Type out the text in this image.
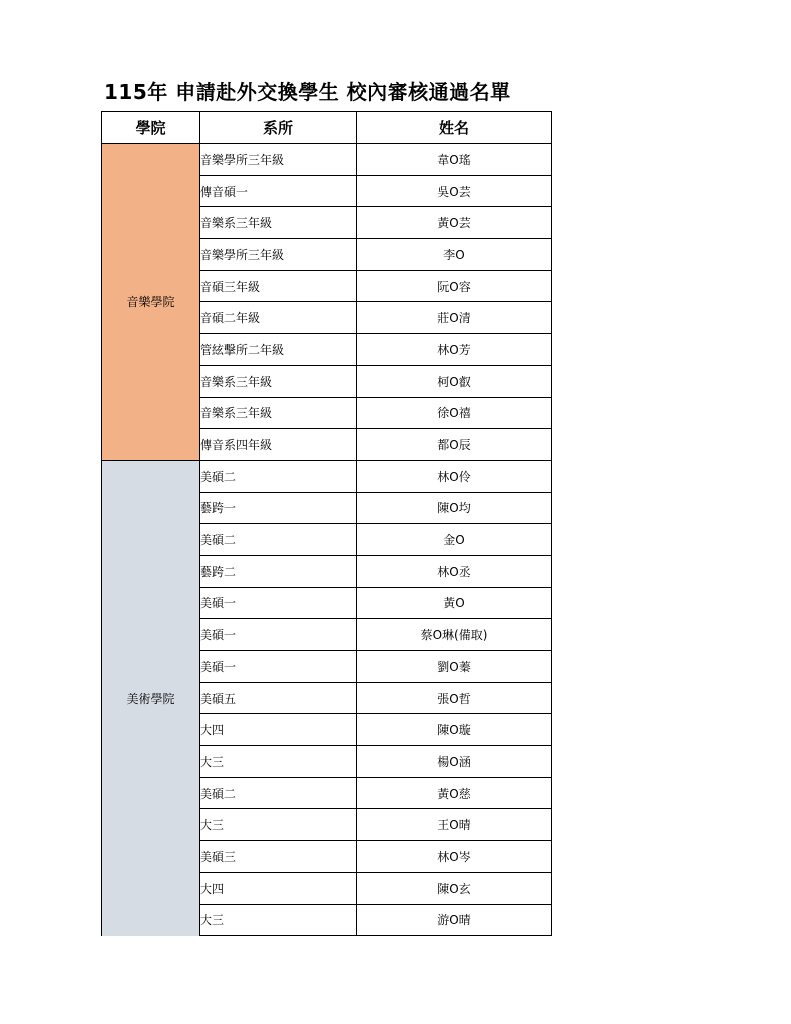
115年 申請赴外交換學生 校內審核通過名單
學院	系所	姓名
音樂學院	音樂學所三年級	韋O瑤
	傳音碩一	吳O芸
	音樂系三年級	黃O芸
	音樂學所三年級	李O
	音碩三年級	阮O容
	音碩二年級	莊O清
	管絃擊所二年級	林O芳
	音樂系三年級	柯O叡
	音樂系三年級	徐O禧
	傳音系四年級	都O辰
美術學院	美碩二	林O伶
	藝跨一	陳O均
	美碩二	金O
	藝跨二	林O丞
	美碩一	黃O
	美碩一	蔡O琳(備取)
	美碩一	劉O蓁
	美碩五	張O哲
	大四	陳O璇
	大三	楊O涵
	美碩二	黃O慈
	大三	王O晴
	美碩三	林O岑
	大四	陳O玄
	大三	游O晴
